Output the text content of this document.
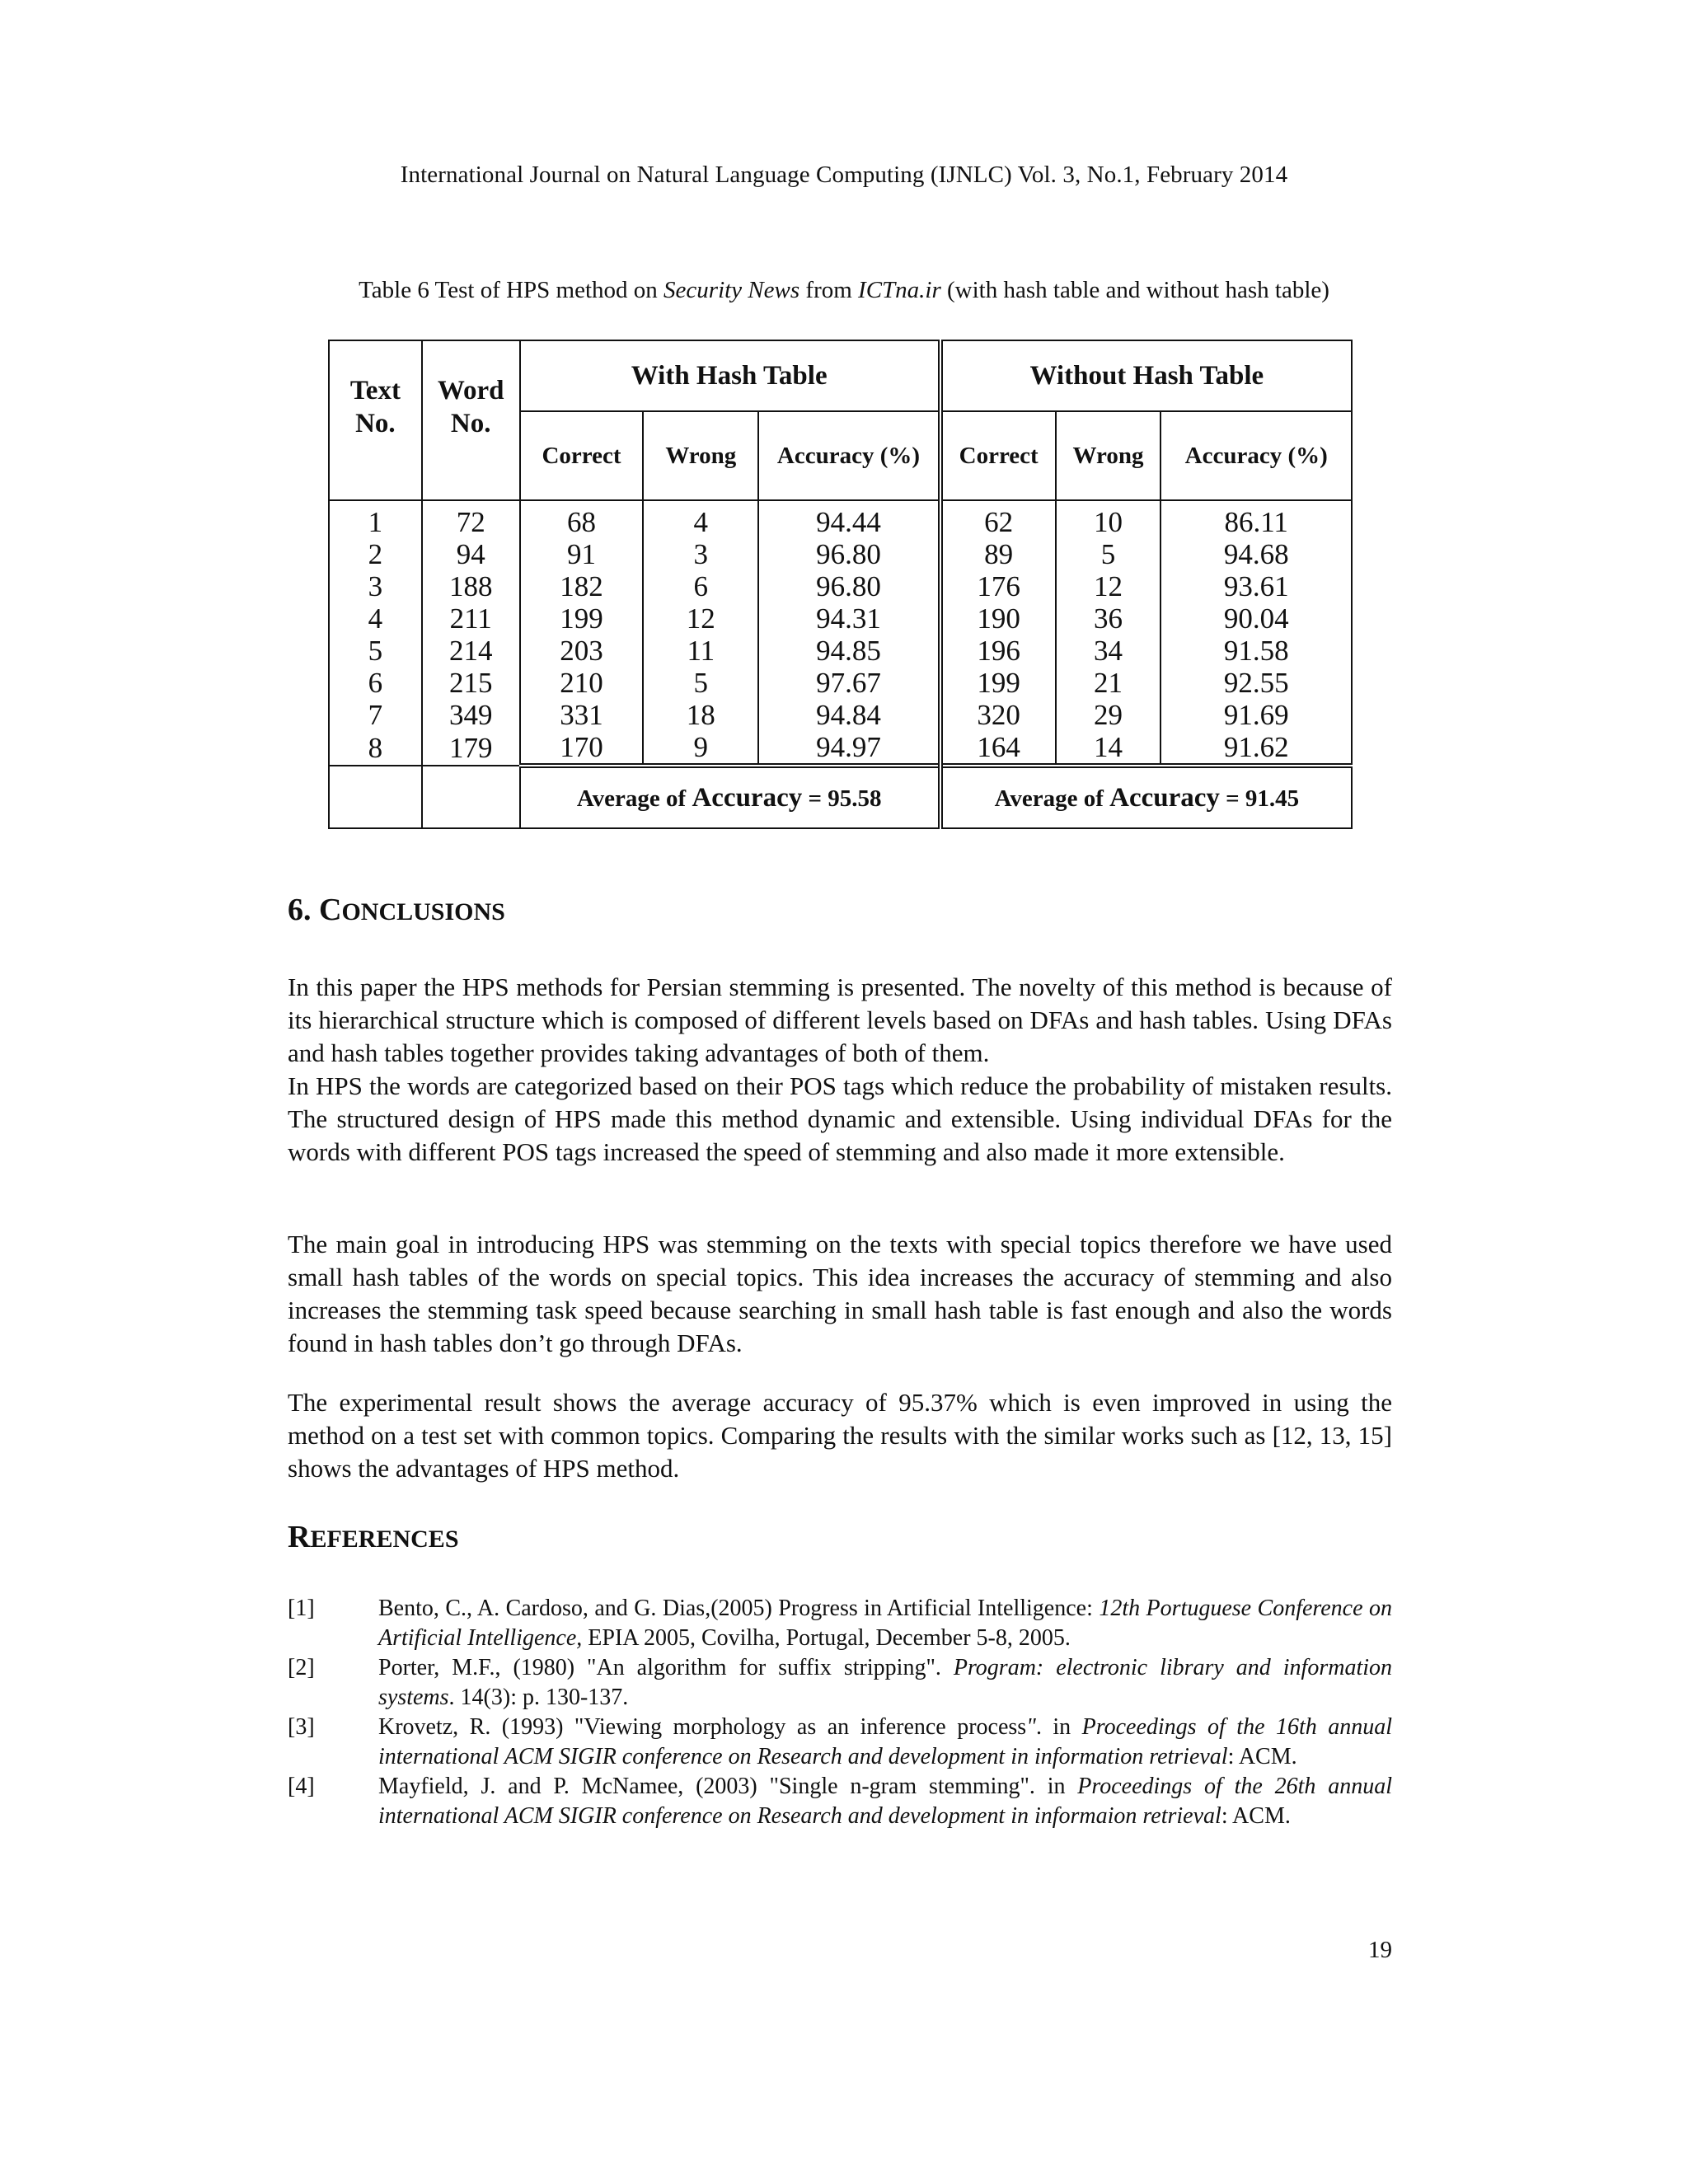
International Journal on Natural Language Computing (IJNLC) Vol. 3, No.1, February 2014
Table 6 Test of HPS method on Security News from ICTna.ir (with hash table and without hash table)
Text No.	Word No.	With Hash Table			Without Hash Table		
		Correct	Wrong	Accuracy (%)	Correct	Wrong	Accuracy (%)
1	72	68	4	94.44	62	10	86.11
2	94	91	3	96.80	89	5	94.68
3	188	182	6	96.80	176	12	93.61
4	211	199	12	94.31	190	36	90.04
5	214	203	11	94.85	196	34	91.58
6	215	210	5	97.67	199	21	92.55
7	349	331	18	94.84	320	29	91.69
8	179	170	9	94.97	164	14	91.62
		Average of Accuracy = 95.58			Average of Accuracy = 91.45		
6. CONCLUSIONS

In this paper the HPS methods for Persian stemming is presented. The novelty of this method is because of its hierarchical structure which is composed of different levels based on DFAs and hash tables. Using DFAs and hash tables together provides taking advantages of both of them.

In HPS the words are categorized based on their POS tags which reduce the probability of mistaken results. The structured design of HPS made this method dynamic and extensible. Using individual DFAs for the words with different POS tags increased the speed of stemming and also made it more extensible.

The main goal in introducing HPS was stemming on the texts with special topics therefore we have used small hash tables of the words on special topics. This idea increases the accuracy of stemming and also increases the stemming task speed because searching in small hash table is fast enough and also the words found in hash tables don’t go through DFAs.

The experimental result shows the average accuracy of 95.37% which is even improved in using the method on a test set with common topics. Comparing the results with the similar works such as [12, 13, 15] shows the advantages of HPS method.

REFERENCES
[1]	Bento, C., A. Cardoso, and G. Dias,(2005) Progress in Artificial Intelligence: 12th Portuguese Conference on Artificial Intelligence, EPIA 2005, Covilha, Portugal, December 5-8, 2005.
[2]	Porter, M.F., (1980) "An algorithm for suffix stripping". Program: electronic library and information systems. 14(3): p. 130-137.
[3]	Krovetz, R. (1993) "Viewing morphology as an inference process". in Proceedings of the 16th annual international ACM SIGIR conference on Research and development in information retrieval: ACM.
[4]	Mayfield, J. and P. McNamee, (2003) "Single n-gram stemming". in Proceedings of the 26th annual international ACM SIGIR conference on Research and development in informaion retrieval: ACM.
19
